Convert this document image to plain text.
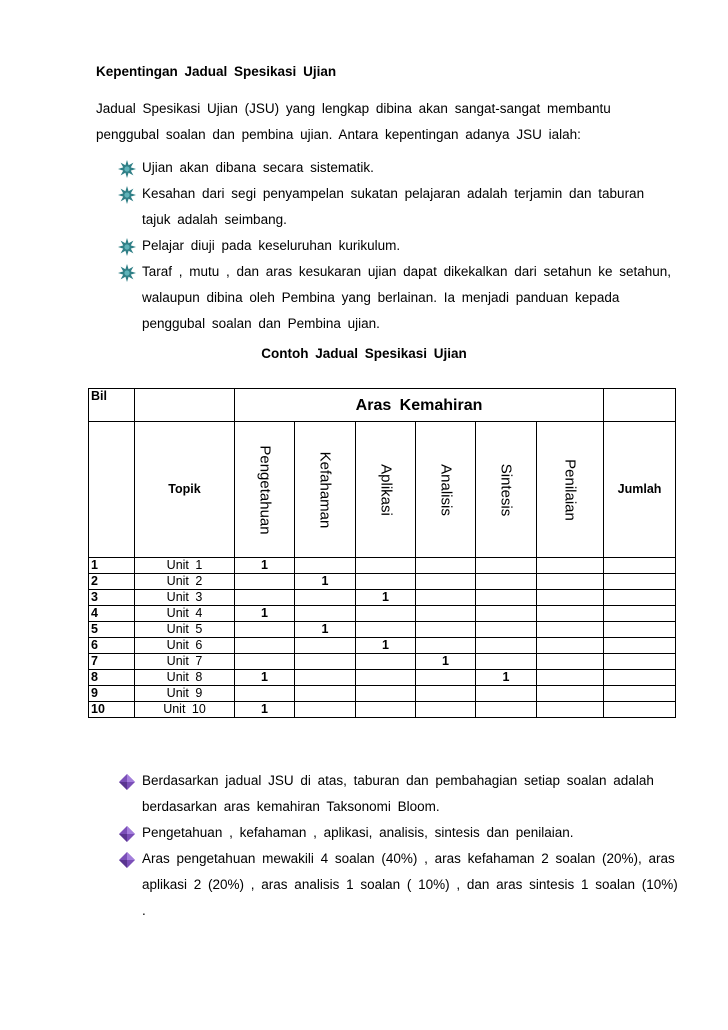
Kepentingan Jadual Spesikasi Ujian

Jadual Spesikasi Ujian (JSU) yang lengkap dibina akan sangat-sangat membantu penggubal soalan dan pembina ujian. Antara kepentingan adanya JSU ialah:

Ujian akan dibana secara sistematik.
Kesahan dari segi penyampelan sukatan pelajaran adalah terjamin dan taburan tajuk adalah seimbang.
Pelajar diuji pada keseluruhan kurikulum.
Taraf , mutu , dan aras kesukaran ujian dapat dikekalkan dari setahun ke setahun, walaupun dibina oleh Pembina yang berlainan. Ia menjadi panduan kepada penggubal soalan dan Pembina ujian.
Contoh Jadual Spesikasi Ujian
Bil		Aras Kemahiran						
	Topik	Pengetahuan	Kefahaman	Aplikasi	Analisis	Sintesis	Penilaian	Jumlah
1	Unit 1	1						
2	Unit 2		1					
3	Unit 3			1				
4	Unit 4	1						
5	Unit 5		1					
6	Unit 6			1				
7	Unit 7				1			
8	Unit 8	1				1		
9	Unit 9							
10	Unit 10	1						
Berdasarkan jadual JSU di atas, taburan dan pembahagian setiap soalan adalah berdasarkan aras kemahiran Taksonomi Bloom.
Pengetahuan , kefahaman , aplikasi, analisis, sintesis dan penilaian.
Aras pengetahuan mewakili 4 soalan (40%) , aras kefahaman 2 soalan (20%), aras aplikasi 2 (20%) , aras analisis 1 soalan ( 10%) , dan aras sintesis 1 soalan (10%) .
